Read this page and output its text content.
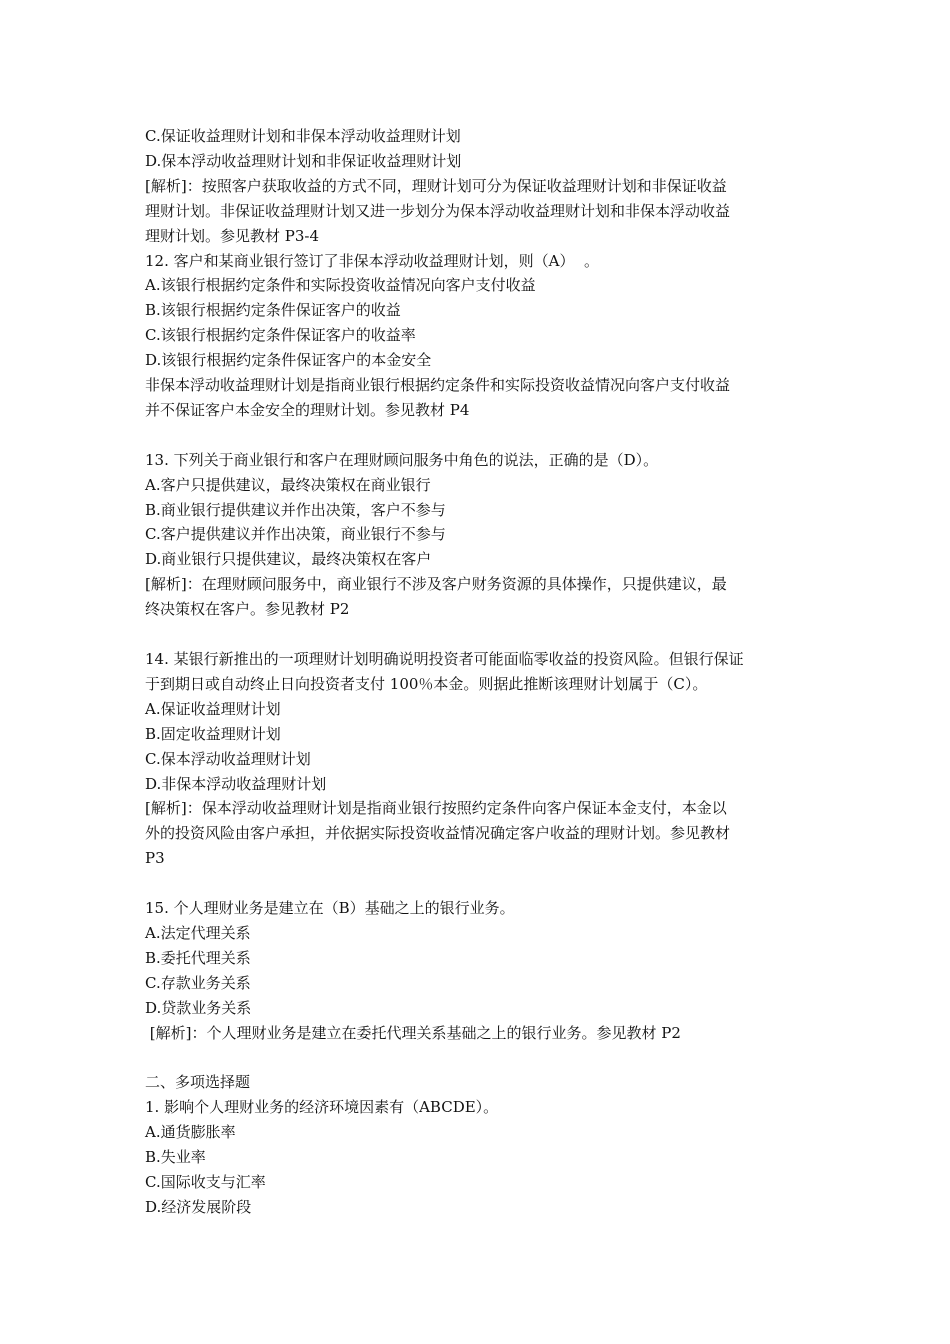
C.保证收益理财计划和非保本浮动收益理财计划
D.保本浮动收益理财计划和非保证收益理财计划
[解析]：按照客户获取收益的方式不同，理财计划可分为保证收益理财计划和非保证收益
理财计划。非保证收益理财计划又进一步划分为保本浮动收益理财计划和非保本浮动收益
理财计划。参见教材 P3-4
12. 客户和某商业银行签订了非保本浮动收益理财计划，则（A）  。
A.该银行根据约定条件和实际投资收益情况向客户支付收益
B.该银行根据约定条件保证客户的收益
C.该银行根据约定条件保证客户的收益率
D.该银行根据约定条件保证客户的本金安全
非保本浮动收益理财计划是指商业银行根据约定条件和实际投资收益情况向客户支付收益
并不保证客户本金安全的理财计划。参见教材 P4
13. 下列关于商业银行和客户在理财顾问服务中角色的说法，正确的是（D）。
A.客户只提供建议，最终决策权在商业银行
B.商业银行提供建议并作出决策，客户不参与
C.客户提供建议并作出决策，商业银行不参与
D.商业银行只提供建议，最终决策权在客户
[解析]：在理财顾问服务中，商业银行不涉及客户财务资源的具体操作，只提供建议，最
终决策权在客户。参见教材 P2
14. 某银行新推出的一项理财计划明确说明投资者可能面临零收益的投资风险。但银行保证
于到期日或自动终止日向投资者支付 100％本金。则据此推断该理财计划属于（C）。
A.保证收益理财计划
B.固定收益理财计划
C.保本浮动收益理财计划
D.非保本浮动收益理财计划
[解析]：保本浮动收益理财计划是指商业银行按照约定条件向客户保证本金支付，本金以
外的投资风险由客户承担，并依据实际投资收益情况确定客户收益的理财计划。参见教材
P3
15. 个人理财业务是建立在（B）基础之上的银行业务。
A.法定代理关系
B.委托代理关系
C.存款业务关系
D.贷款业务关系
[解析]：个人理财业务是建立在委托代理关系基础之上的银行业务。参见教材 P2
二、多项选择题
1. 影响个人理财业务的经济环境因素有（ABCDE）。
A.通货膨胀率
B.失业率
C.国际收支与汇率
D.经济发展阶段
